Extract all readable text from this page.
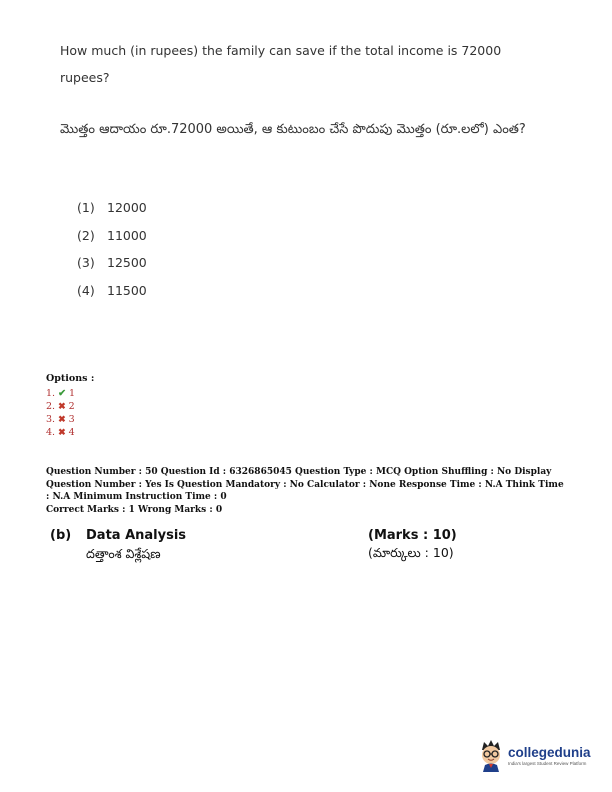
How much (in rupees) the family can save if the total income is 72000 rupees?
మొత్తం ఆదాయం రూ.72000 అయితే, ఆ కుటుంబం చేసే పొదుపు మొత్తం (రూ.లలో) ఎంత?
(1) 12000
(2) 11000
(3) 12500
(4) 11500
Options :
1. ✔ 1
2. ✖ 2
3. ✖ 3
4. ✖ 4

Question Number : 50 Question Id : 6326865045 Question Type : MCQ Option Shuffling : No Display Question Number : Yes Is Question Mandatory : No Calculator : None Response Time : N.A Think Time : N.A Minimum Instruction Time : 0

Correct Marks : 1 Wrong Marks : 0

(b) Data Analysis
దత్తాంశ విశ్లేషణ
(Marks : 10)
(మార్కులు : 10)
collegedunia
India's largest Student Review Platform
